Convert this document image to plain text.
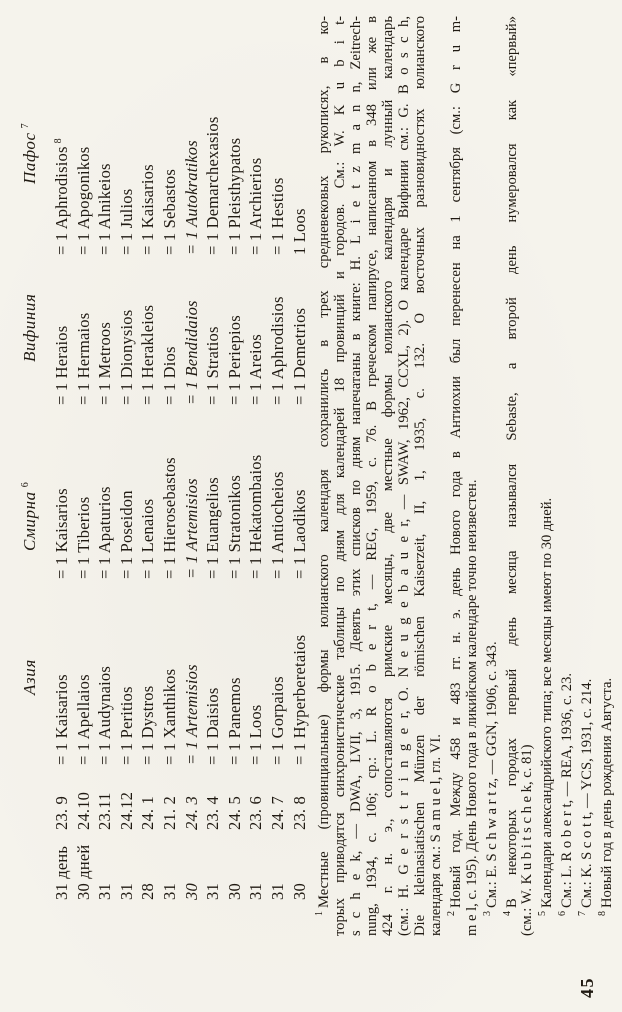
Азия
Смирна$^6$
Вифиния
Пафос$^7$
31 день
23. 9
= 1 Kaisarios
= 1 Kaisarios
= 1 Heraios
= 1 Aphrodisios$^8$
30 дней
24.10
= 1 Apellaios
= 1 Tiberios
= 1 Hermaios
= 1 Apogonikos
31
23.11
= 1 Audynaios
= 1 Apaturios
= 1 Metroos
= 1 Alnikeios
31
24.12
= 1 Peritios
= 1 Poseidon
= 1 Dionysios
= 1 Julios
28
24. 1
= 1 Dystros
= 1 Lenaios
= 1 Herakleios
= 1 Kaisarios
31
21. 2
= 1 Xanthikos
= 1 Hierosebastos
= 1 Dios
= 1 Sebastos
30
24. 3
= 1 Artemisios
= 1 Artemisios
= 1 Bendidaios
= 1 Autokratikos
31
23. 4
= 1 Daisios
= 1 Euangelios
= 1 Stratios
= 1 Demarchexasios
30
24. 5
= 1 Panemos
= 1 Stratonikos
= 1 Periepios
= 1 Pleisthypatos
31
23. 6
= 1 Loos
= 1 Hekatombaios
= 1 Areios
= 1 Archierios
31
24. 7
= 1 Gorpaios
= 1 Antiocheios
= 1 Aphrodisios
= 1 Hestios
30
23. 8
= 1 Hyperberetaios
= 1 Laodikos
= 1 Demetrios
1 Loos
$^1$Местные (провинциальные) формы юлианского календаря сохранились в трех средневековых рукописях, в ко- торых приводятся синхронистические таблицы по дням для календарей 18 провинций и городов. См.: W. K u b i t- s c h e k, — DWA, LVII, 3, 1915. Девять этих списков по дням напечатаны в книге: H. L i e t z m a n n, Zeitrech- nung, 1934, с. 106; ср.: L. R o b e r t, — REG, 1959, с. 76. В греческом папирусе, написанном в 348 или же в 424 г. н. э., сопоставляются римские месяцы, две местные формы юлианского календаря и лунный календарь (см.: H. G e r s t r i n g e r, O. N e u g e b a u e r, — SWAW, 1962, CCXL, 2). О календаре Вифинии см.: G. B o s c h, Die kleinasiatischen Münzen der römischen Kaiserzeit, II, 1, 1935, с. 132. О восточных разновидностях юлианского календаря см.: S a m u e l, гл. VI. $^2$Новый год. Между 458 и 483 гг. н. э. день Нового года в Антиохии был перенесен на 1 сентября (см.: G r u m- m e l, с. 195). День Нового года в ликийском календаре точно неизвестен. $^3$См.: E. S c h w a r t z, — GGN, 1906, с. 343.
$^4$В некоторых городах первый день месяца назывался Sebaste, а второй день нумеровался как «первый» (см.: W. K u b i t s c h e k, с. 81) $^5$Календари александрийского типа; все месяцы имеют по 30 дней.
$^6$См.: L. R o b e r t, — REA, 1936, с. 23.
$^7$См.: K. S c o t t, — YCS, 1931, с. 214.
$^8$Новый год в день рождения Августа.
45
